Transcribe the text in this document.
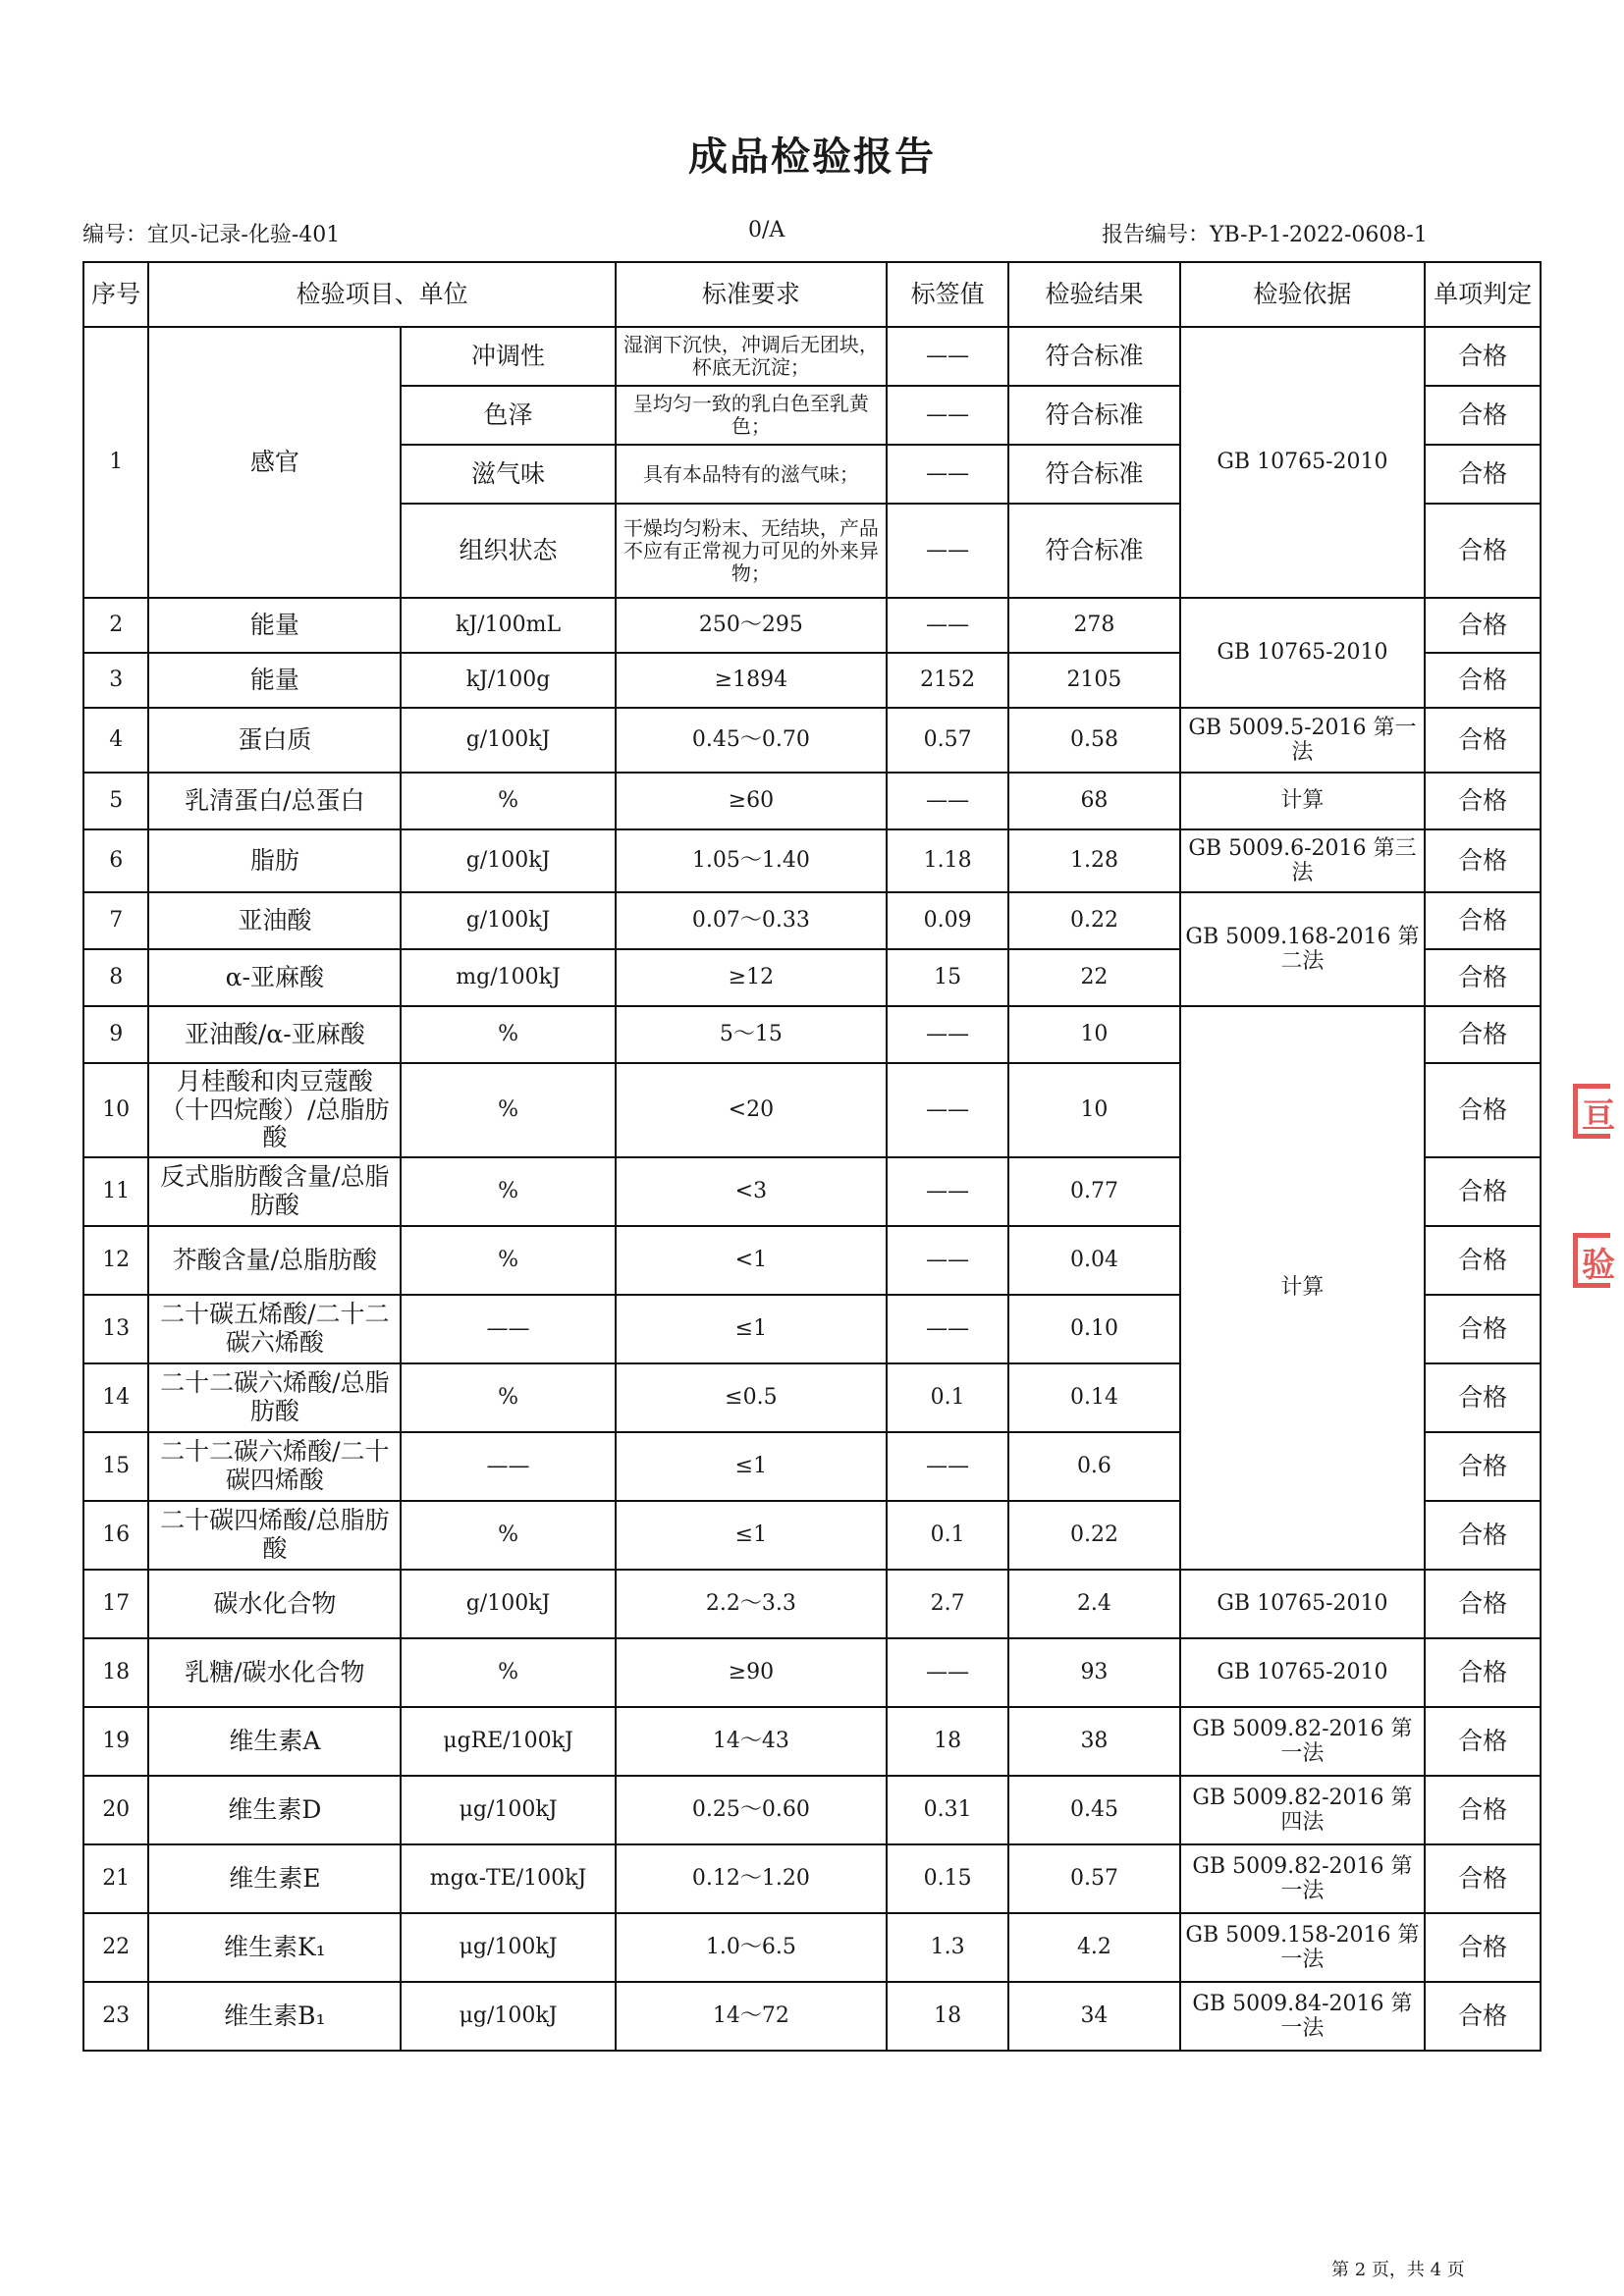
成品检验报告
编号：宜贝-记录-化验-401	0/A	报告编号：YB-P-1-2022-0608-1
序号	检验项目、单位		标准要求	标签值	检验结果	检验依据	单项判定
1	感官	冲调性	湿润下沉快，冲调后无团块，杯底无沉淀；	——	符合标准	GB 10765-2010	合格
		色泽	呈均匀一致的乳白色至乳黄色；	——	符合标准		合格
		滋气味	具有本品特有的滋气味；	——	符合标准		合格
		组织状态	干燥均匀粉末、无结块，产品不应有正常视力可见的外来异物；	——	符合标准		合格
2	能量	kJ/100mL	250～295	——	278	GB 10765-2010	合格
3	能量	kJ/100g	≥1894	2152	2105		合格
4	蛋白质	g/100kJ	0.45～0.70	0.57	0.58	GB 5009.5-2016 第一法	合格
5	乳清蛋白/总蛋白	%	≥60	——	68	计算	合格
6	脂肪	g/100kJ	1.05～1.40	1.18	1.28	GB 5009.6-2016 第三法	合格
7	亚油酸	g/100kJ	0.07～0.33	0.09	0.22	GB 5009.168-2016 第二法	合格
8	α-亚麻酸	mg/100kJ	≥12	15	22		合格
9	亚油酸/α-亚麻酸	%	5～15	——	10	计算	合格
10	月桂酸和肉豆蔻酸（十四烷酸）/总脂肪酸	%	<20	——	10		合格
11	反式脂肪酸含量/总脂肪酸	%	<3	——	0.77		合格
12	芥酸含量/总脂肪酸	%	<1	——	0.04		合格
13	二十碳五烯酸/二十二碳六烯酸	——	≤1	——	0.10		合格
14	二十二碳六烯酸/总脂肪酸	%	≤0.5	0.1	0.14		合格
15	二十二碳六烯酸/二十碳四烯酸	——	≤1	——	0.6		合格
16	二十碳四烯酸/总脂肪酸	%	≤1	0.1	0.22		合格
17	碳水化合物	g/100kJ	2.2～3.3	2.7	2.4	GB 10765-2010	合格
18	乳糖/碳水化合物	%	≥90	——	93	GB 10765-2010	合格
19	维生素A	μgRE/100kJ	14～43	18	38	GB 5009.82-2016 第一法	合格
20	维生素D	μg/100kJ	0.25～0.60	0.31	0.45	GB 5009.82-2016 第四法	合格
21	维生素E	mgα-TE/100kJ	0.12～1.20	0.15	0.57	GB 5009.82-2016 第一法	合格
22	维生素K₁	μg/100kJ	1.0～6.5	1.3	4.2	GB 5009.158-2016 第一法	合格
23	维生素B₁	μg/100kJ	14～72	18	34	GB 5009.84-2016 第一法	合格
亘
验
第 2 页，共 4 页
